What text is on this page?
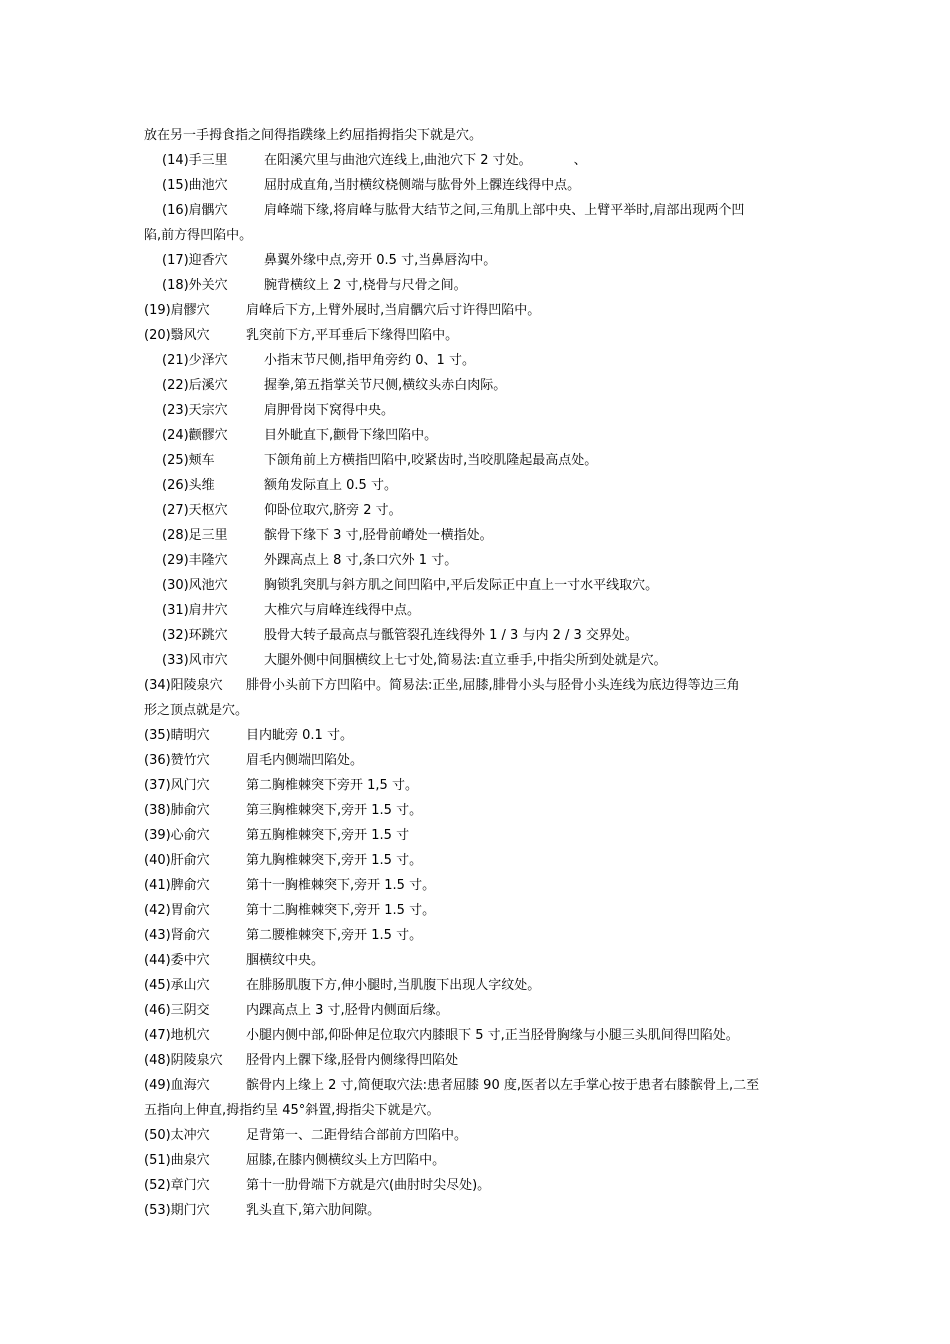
放在另一手拇食指之间得指蹼缘上约屈指拇指尖下就是穴。
(14)手三里	在阳溪穴里与曲池穴连线上,曲池穴下 2 寸处。	、
(15)曲池穴	屈肘成直角,当肘横纹桡侧端与肱骨外上髁连线得中点。
(16)肩髃穴	肩峰端下缘,将肩峰与肱骨大结节之间,三角肌上部中央、上臂平举时,肩部出现两个凹
陷,前方得凹陷中。
(17)迎香穴	鼻翼外缘中点,旁开 0.5 寸,当鼻唇沟中。
(18)外关穴	腕背横纹上 2 寸,桡骨与尺骨之间。
(19)肩髎穴	肩峰后下方,上臂外展时,当肩髃穴后寸许得凹陷中。
(20)翳风穴	乳突前下方,平耳垂后下缘得凹陷中。
(21)少泽穴	小指末节尺侧,指甲角旁约 0、1 寸。
(22)后溪穴	握拳,第五指掌关节尺侧,横纹头赤白肉际。
(23)天宗穴	肩胛骨岗下窝得中央。
(24)颧髎穴	目外眦直下,颧骨下缘凹陷中。
(25)颊车	下颌角前上方横指凹陷中,咬紧齿时,当咬肌隆起最高点处。
(26)头维	额角发际直上 0.5 寸。
(27)天枢穴	仰卧位取穴,脐旁 2 寸。
(28)足三里	髌骨下缘下 3 寸,胫骨前嵴处一横指处。
(29)丰隆穴	外踝高点上 8 寸,条口穴外 1 寸。
(30)风池穴	胸锁乳突肌与斜方肌之间凹陷中,平后发际正中直上一寸水平线取穴。
(31)肩井穴	大椎穴与肩峰连线得中点。
(32)环跳穴	股骨大转子最高点与骶管裂孔连线得外 1 / 3 与内 2 / 3 交界处。
(33)风市穴	大腿外侧中间腘横纹上七寸处,简易法:直立垂手,中指尖所到处就是穴。
(34)阳陵泉穴 腓骨小头前下方凹陷中。简易法:正坐,屈膝,腓骨小头与胫骨小头连线为底边得等边三角
形之顶点就是穴。
(35)睛明穴	目内眦旁 0.1 寸。
(36)赞竹穴	眉毛内侧端凹陷处。
(37)风门穴	第二胸椎棘突下旁开 1,5 寸。
(38)肺俞穴	第三胸椎棘突下,旁开 1.5 寸。
(39)心俞穴	第五胸椎棘突下,旁开 1.5 寸
(40)肝俞穴	第九胸椎棘突下,旁开 1.5 寸。
(41)脾俞穴	第十一胸椎棘突下,旁开 1.5 寸。
(42)胃俞穴	第十二胸椎棘突下,旁开 1.5 寸。
(43)肾俞穴	第二腰椎棘突下,旁开 1.5 寸。
(44)委中穴	腘横纹中央。
(45)承山穴	在腓肠肌腹下方,伸小腿时,当肌腹下出现人字纹处。
(46)三阴交	内踝高点上 3 寸,胫骨内侧面后缘。
(47)地机穴	小腿内侧中部,仰卧伸足位取穴内膝眼下 5 寸,正当胫骨胸缘与小腿三头肌间得凹陷处。
(48)阴陵泉穴 胫骨内上髁下缘,胫骨内侧缘得凹陷处
(49)血海穴	髌骨内上缘上 2 寸,简便取穴法:患者屈膝 90 度,医者以左手掌心按于患者右膝髌骨上,二至
五指向上伸直,拇指约呈 45°斜置,拇指尖下就是穴。
(50)太冲穴	足背第一、二距骨结合部前方凹陷中。
(51)曲泉穴	屈膝,在膝内侧横纹头上方凹陷中。
(52)章门穴	第十一肋骨端下方就是穴(曲肘时尖尽处)。
(53)期门穴	乳头直下,第六肋间隙。
